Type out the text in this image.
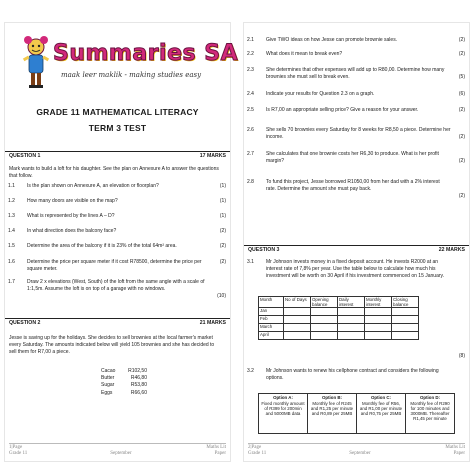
Summaries SA
maak leer maklik - making studies easy
GRADE 11 MATHEMATICAL LITERACY
TERM 3 TEST
QUESTION 1	17 MARKS
Mark wants to build a loft for his daughter. See the plan on Annexure A to answer the questions that follow.
1.1 Is the plan shown on Annexure A, an elevation or floorplan?	(1)
1.2 How many doors are visible on the map?	(1)
1.3 What is represented by the lines A – D?	(1)
1.4 In what direction does the balcony face?	(2)
1.5 Determine the area of the balcony if it is 23% of the total 64m² area.	(2)
1.6 Determine the price per square meter if it cost R78500, determine the price per square meter.
(2)
1.7 Draw 2 x elevations (West, South) of the loft from the same angle with a scale of 1:1,5m. Assume the loft is on top of a garage with no windows.
(10)
QUESTION 2	21 MARKS
Jesse is saving up for the holidays. She decides to sell brownies at the local farmer's market every Saturday. The amounts indicated below will yield 105 brownies and she has decided to sell them for R7,00 a piece.
Cacao	R102,50
Butter	R46,80
Sugar	R53,80
Eggs	R66,60
1|Page	Maths Lit
Grade 11	September	Paper
2.1 Give TWO ideas on how Jesse can promote brownie sales.	(2)
2.2 What does it mean to break even?	(2)
2.3 She determines that other expenses will add up to R80,00. Determine how many brownies she must sell to break even.	(5)
2.4 Indicate your results for Question 2.3 on a graph.	(6)
2.5 Is R7,00 an appropriate selling price? Give a reason for your answer.	(2)
2.6 She sells 70 brownies every Saturday for 8 weeks for R8,50 a piece. Determine her income.	(2)
2.7 She calculates that one brownie costs her R6,30 to produce. What is her profit margin?	(2)
2.8 To fund this project, Jesse borrowed R1050,00 from her dad with a 2% interest rate. Determine the amount she must pay back.
(2)
QUESTION 3	22 MARKS
3.1 Mr Johnson invests money in a fixed deposit account. He invests R2000 at an interest rate of 7,8% per year. Use the table below to calculate how much his investment will be worth on 30 April if his investment commenced on 15 January.
Month	No of Days	Opening balance	Daily interest	Monthly interest	Closing balance
Jan					
Feb					
March					
April					
(8)
3.2 Mr Johnson wants to renew his cellphone contract and considers the following options.
Option A:
Fixed monthly amount of R399 for 200min and 5000MB data	
Option B:
Monthly fee of R245 and R1,25 per minute and R0,89 per 25MB	
Option C:
Monthly fee of R56, and R1,00 per minute and R0,75 per 25MB	
Option D:
Monthly fee of R290 for 100 minutes and 3000MB. Thereafter R1,45 per minute
2|Page	Maths Lit
Grade 11	September	Paper
